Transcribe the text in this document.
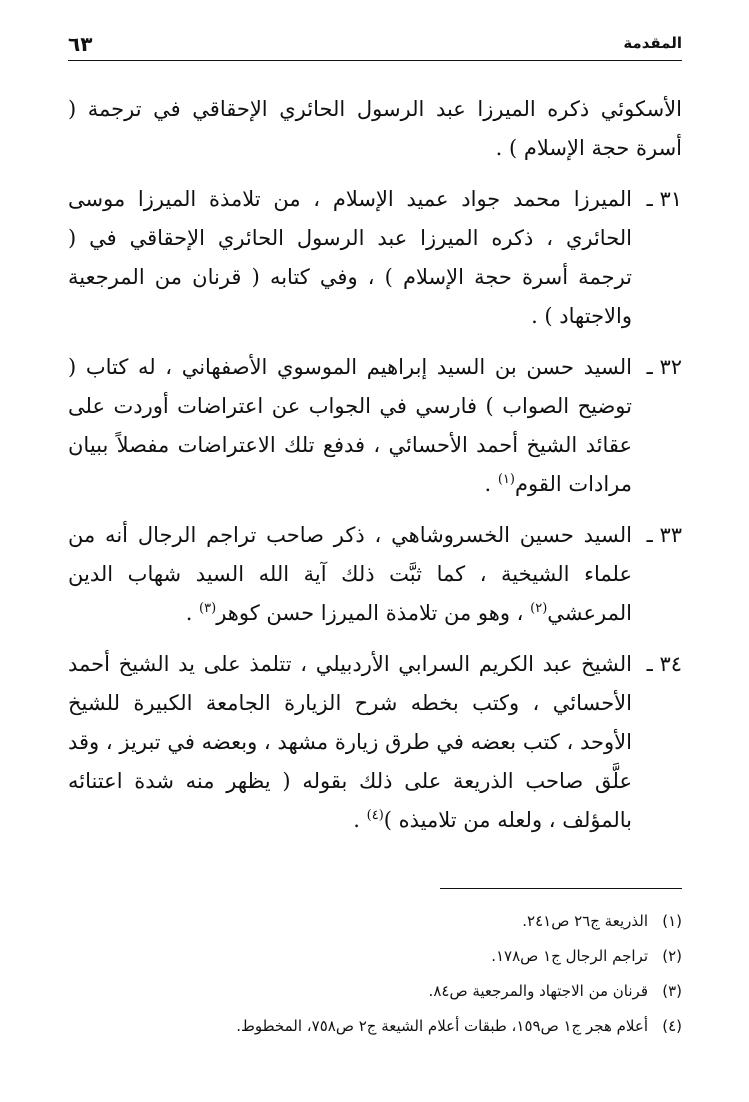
٦٣	المقدمة

الأسكوئي ذكره الميرزا عبد الرسول الحائري الإحقاقي في ترجمة ( أسرة حجة الإسلام ) .

٣١ ـ
الميرزا محمد جواد عميد الإسلام ، من تلامذة الميرزا موسى الحائري ، ذكره الميرزا عبد الرسول الحائري الإحقاقي في ( ترجمة أسرة حجة الإسلام ) ، وفي كتابه ( قرنان من المرجعية والاجتهاد ) .
٣٢ ـ
السيد حسن بن السيد إبراهيم الموسوي الأصفهاني ، له كتاب ( توضيح الصواب ) فارسي في الجواب عن اعتراضات أوردت على عقائد الشيخ أحمد الأحسائي ، فدفع تلك الاعتراضات مفصلاً ببيان مرادات القوم$^{(١)}$ .
٣٣ ـ
السيد حسين الخسروشاهي ، ذكر صاحب تراجم الرجال أنه من علماء الشيخية ، كما ثبَّت ذلك آية الله السيد شهاب الدين المرعشي$^{(٢)}$ ، وهو من تلامذة الميرزا حسن كوهر$^{(٣)}$ .
٣٤ ـ
الشيخ عبد الكريم السرابي الأردبيلي ، تتلمذ على يد الشيخ أحمد الأحسائي ، وكتب بخطه شرح الزيارة الجامعة الكبيرة للشيخ الأوحد ، كتب بعضه في طرق زيارة مشهد ، وبعضه في تبريز ، وقد علَّق صاحب الذريعة على ذلك بقوله ( يظهر منه شدة اعتنائه بالمؤلف ، ولعله من تلاميذه )$^{(٤)}$ .
(١)
الذريعة ج٢٦ ص٢٤١.
(٢)
تراجم الرجال ج١ ص١٧٨.
(٣)
قرنان من الاجتهاد والمرجعية ص٨٤.
(٤)
أعلام هجر ج١ ص١٥٩، طبقات أعلام الشيعة ج٢ ص٧٥٨، المخطوط.
